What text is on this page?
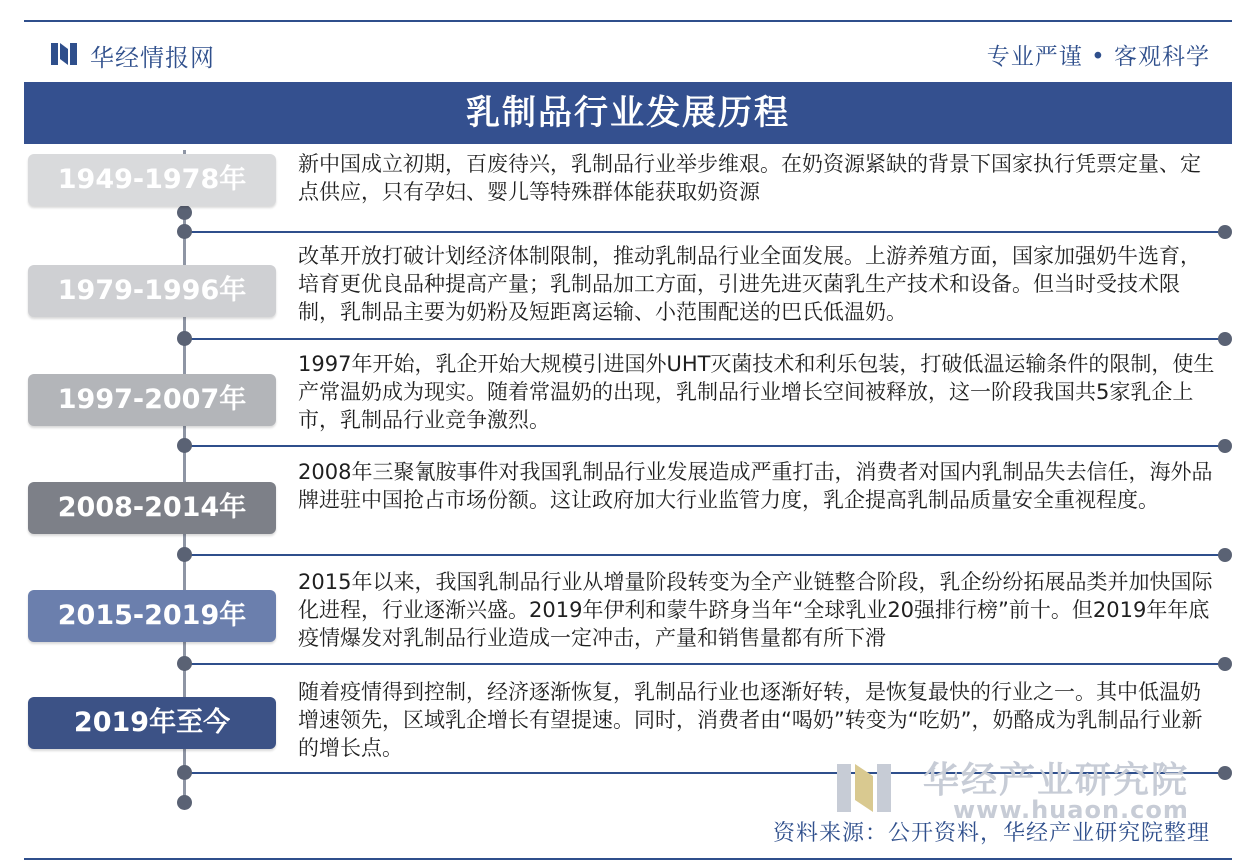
华经情报网	专业严谨 • 客观科学
乳制品行业发展历程
1949-1978年
1979-1996年
1997-2007年
2008-2014年
2015-2019年
2019年至今
新中国成立初期，百废待兴，乳制品行业举步维艰。在奶资源紧缺的背景下国家执行凭票定量、定点供应，只有孕妇、婴儿等特殊群体能获取奶资源
改革开放打破计划经济体制限制，推动乳制品行业全面发展。上游养殖方面，国家加强奶牛选育，培育更优良品种提高产量；乳制品加工方面，引进先进灭菌乳生产技术和设备。但当时受技术限制，乳制品主要为奶粉及短距离运输、小范围配送的巴氏低温奶。
1997年开始，乳企开始大规模引进国外UHT灭菌技术和利乐包装，打破低温运输条件的限制，使生产常温奶成为现实。随着常温奶的出现，乳制品行业增长空间被释放，这一阶段我国共5家乳企上市，乳制品行业竞争激烈。
2008年三聚氰胺事件对我国乳制品行业发展造成严重打击，消费者对国内乳制品失去信任，海外品牌进驻中国抢占市场份额。这让政府加大行业监管力度，乳企提高乳制品质量安全重视程度。
2015年以来，我国乳制品行业从增量阶段转变为全产业链整合阶段，乳企纷纷拓展品类并加快国际化进程，行业逐渐兴盛。2019年伊利和蒙牛跻身当年“全球乳业20强排行榜”前十。但2019年年底疫情爆发对乳制品行业造成一定冲击，产量和销售量都有所下滑
随着疫情得到控制，经济逐渐恢复，乳制品行业也逐渐好转，是恢复最快的行业之一。其中低温奶增速领先，区域乳企增长有望提速。同时，消费者由“喝奶”转变为“吃奶”，奶酪成为乳制品行业新的增长点。
华经产业研究院
www.huaon.com
资料来源：公开资料，华经产业研究院整理
